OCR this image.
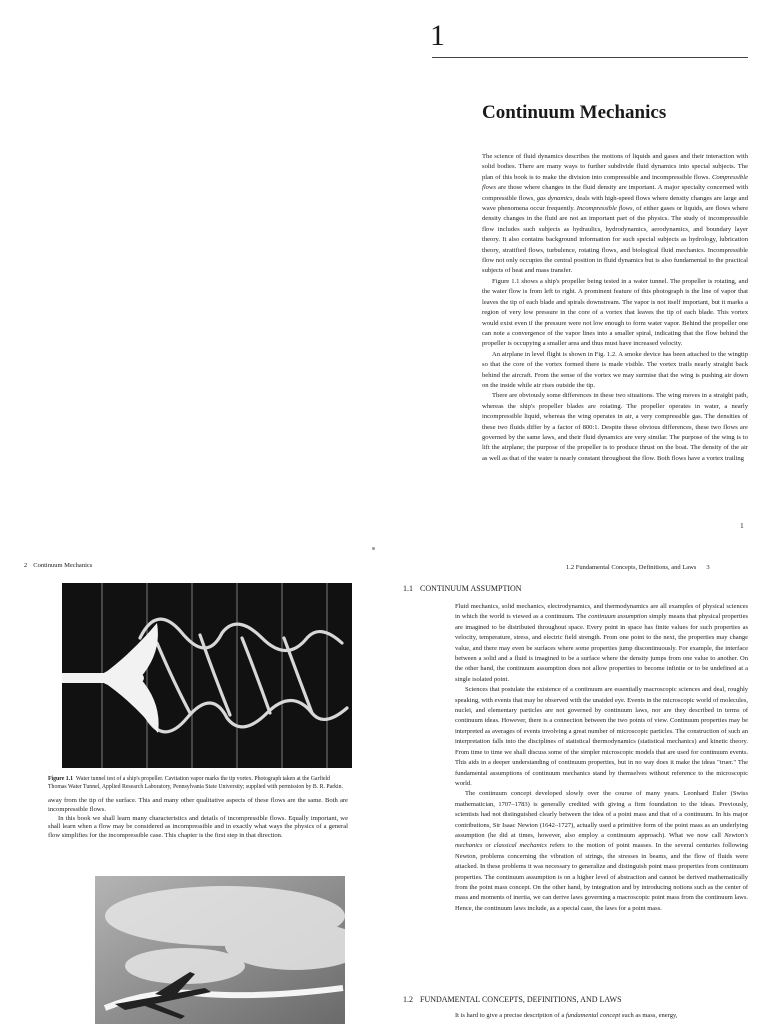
1
Continuum Mechanics

The science of fluid dynamics describes the motions of liquids and gases and their interaction with solid bodies. There are many ways to further subdivide fluid dynamics into special subjects. The plan of this book is to make the division into compressible and incompressible flows. Compressible flows are those where changes in the fluid density are important. A major specialty concerned with compressible flows, gas dynamics, deals with high-speed flows where density changes are large and wave phenomena occur frequently. Incompressible flows, of either gases or liquids, are flows where density changes in the fluid are not an important part of the physics. The study of incompressible flow includes such subjects as hydraulics, hydrodynamics, aerodynamics, and boundary layer theory. It also contains background information for such special subjects as hydrology, lubrication theory, stratified flows, turbulence, rotating flows, and biological fluid mechanics. Incompressible flow not only occupies the central position in fluid dynamics but is also fundamental to the practical subjects of heat and mass transfer.

Figure 1.1 shows a ship's propeller being tested in a water tunnel. The propeller is rotating, and the water flow is from left to right. A prominent feature of this photograph is the line of vapor that leaves the tip of each blade and spirals downstream. The vapor is not itself important, but it marks a region of very low pressure in the core of a vortex that leaves the tip of each blade. This vortex would exist even if the pressure were not low enough to form water vapor. Behind the propeller one can note a convergence of the vapor lines into a smaller spiral, indicating that the flow behind the propeller is occupying a smaller area and thus must have increased velocity.

An airplane in level flight is shown in Fig. 1.2. A smoke device has been attached to the wingtip so that the core of the vortex formed there is made visible. The vortex trails nearly straight back behind the aircraft. From the sense of the vortex we may surmise that the wing is pushing air down on the inside while air rises outside the tip.

There are obviously some differences in these two situations. The wing moves in a straight path, whereas the ship's propeller blades are rotating. The propeller operates in water, a nearly incompressible liquid, whereas the wing operates in air, a very compressible gas. The densities of these two fluids differ by a factor of 800:1. Despite these obvious differences, these two flows are governed by the same laws, and their fluid dynamics are very similar. The purpose of the wing is to lift the airplane; the purpose of the propeller is to produce thrust on the boat. The density of the air as well as that of the water is nearly constant throughout the flow. Both flows have a vortex trailing

1
2 Continuum Mechanics	1.2 Fundamental Concepts, Definitions, and Laws 3
Figure 1.1 Water tunnel test of a ship's propeller. Cavitation vapor marks the tip vortex. Photograph taken at the Garfield Thomas Water Tunnel, Applied Research Laboratory, Pennsylvania State University; supplied with permission by B. R. Parkin.

away from the tip of the surface. This and many other qualitative aspects of these flows are the same. Both are incompressible flows.

In this book we shall learn many characteristics and details of incompressible flows. Equally important, we shall learn when a flow may be considered as incompressible and in exactly what ways the physics of a general flow simplifies for the incompressible case. This chapter is the first step in that direction.

1.1 CONTINUUM ASSUMPTION

Fluid mechanics, solid mechanics, electrodynamics, and thermodynamics are all examples of physical sciences in which the world is viewed as a continuum. The continuum assumption simply means that physical properties are imagined to be distributed throughout space. Every point in space has finite values for such properties as velocity, temperature, stress, and electric field strength. From one point to the next, the properties may change value, and there may even be surfaces where some properties jump discontinuously. For example, the interface between a solid and a fluid is imagined to be a surface where the density jumps from one value to another. On the other hand, the continuum assumption does not allow properties to become infinite or to be undefined at a single isolated point.

Sciences that postulate the existence of a continuum are essentially macroscopic sciences and deal, roughly speaking, with events that may be observed with the unaided eye. Events in the microscopic world of molecules, nuclei, and elementary particles are not governed by continuum laws, nor are they described in terms of continuum ideas. However, there is a connection between the two points of view. Continuum properties may be interpreted as averages of events involving a great number of microscopic particles. The construction of such an interpretation falls into the disciplines of statistical thermodynamics (statistical mechanics) and kinetic theory. From time to time we shall discuss some of the simpler microscopic models that are used for continuum events. This aids in a deeper understanding of continuum properties, but in no way does it make the ideas "truer." The fundamental assumptions of continuum mechanics stand by themselves without reference to the microscopic world.

The continuum concept developed slowly over the course of many years. Leonhard Euler (Swiss mathematician, 1707–1783) is generally credited with giving a firm foundation to the ideas. Previously, scientists had not distinguished clearly between the idea of a point mass and that of a continuum. In his major contributions, Sir Isaac Newton (1642–1727), actually used a primitive form of the point mass as an underlying assumption (he did at times, however, also employ a continuum approach). What we now call Newton's mechanics or classical mechanics refers to the motion of point masses. In the several centuries following Newton, problems concerning the vibration of strings, the stresses in beams, and the flow of fluids were attacked. In these problems it was necessary to generalize and distinguish point mass properties from continuum properties. The continuum assumption is on a higher level of abstraction and cannot be derived mathematically from the point mass concept. On the other hand, by integration and by introducing notions such as the center of mass and moments of inertia, we can derive laws governing a macroscopic point mass from the continuum laws. Hence, the continuum laws include, as a special case, the laws for a point mass.

1.2 FUNDAMENTAL CONCEPTS, DEFINITIONS, AND LAWS
It is hard to give a precise description of a fundamental concept such as mass, energy,
